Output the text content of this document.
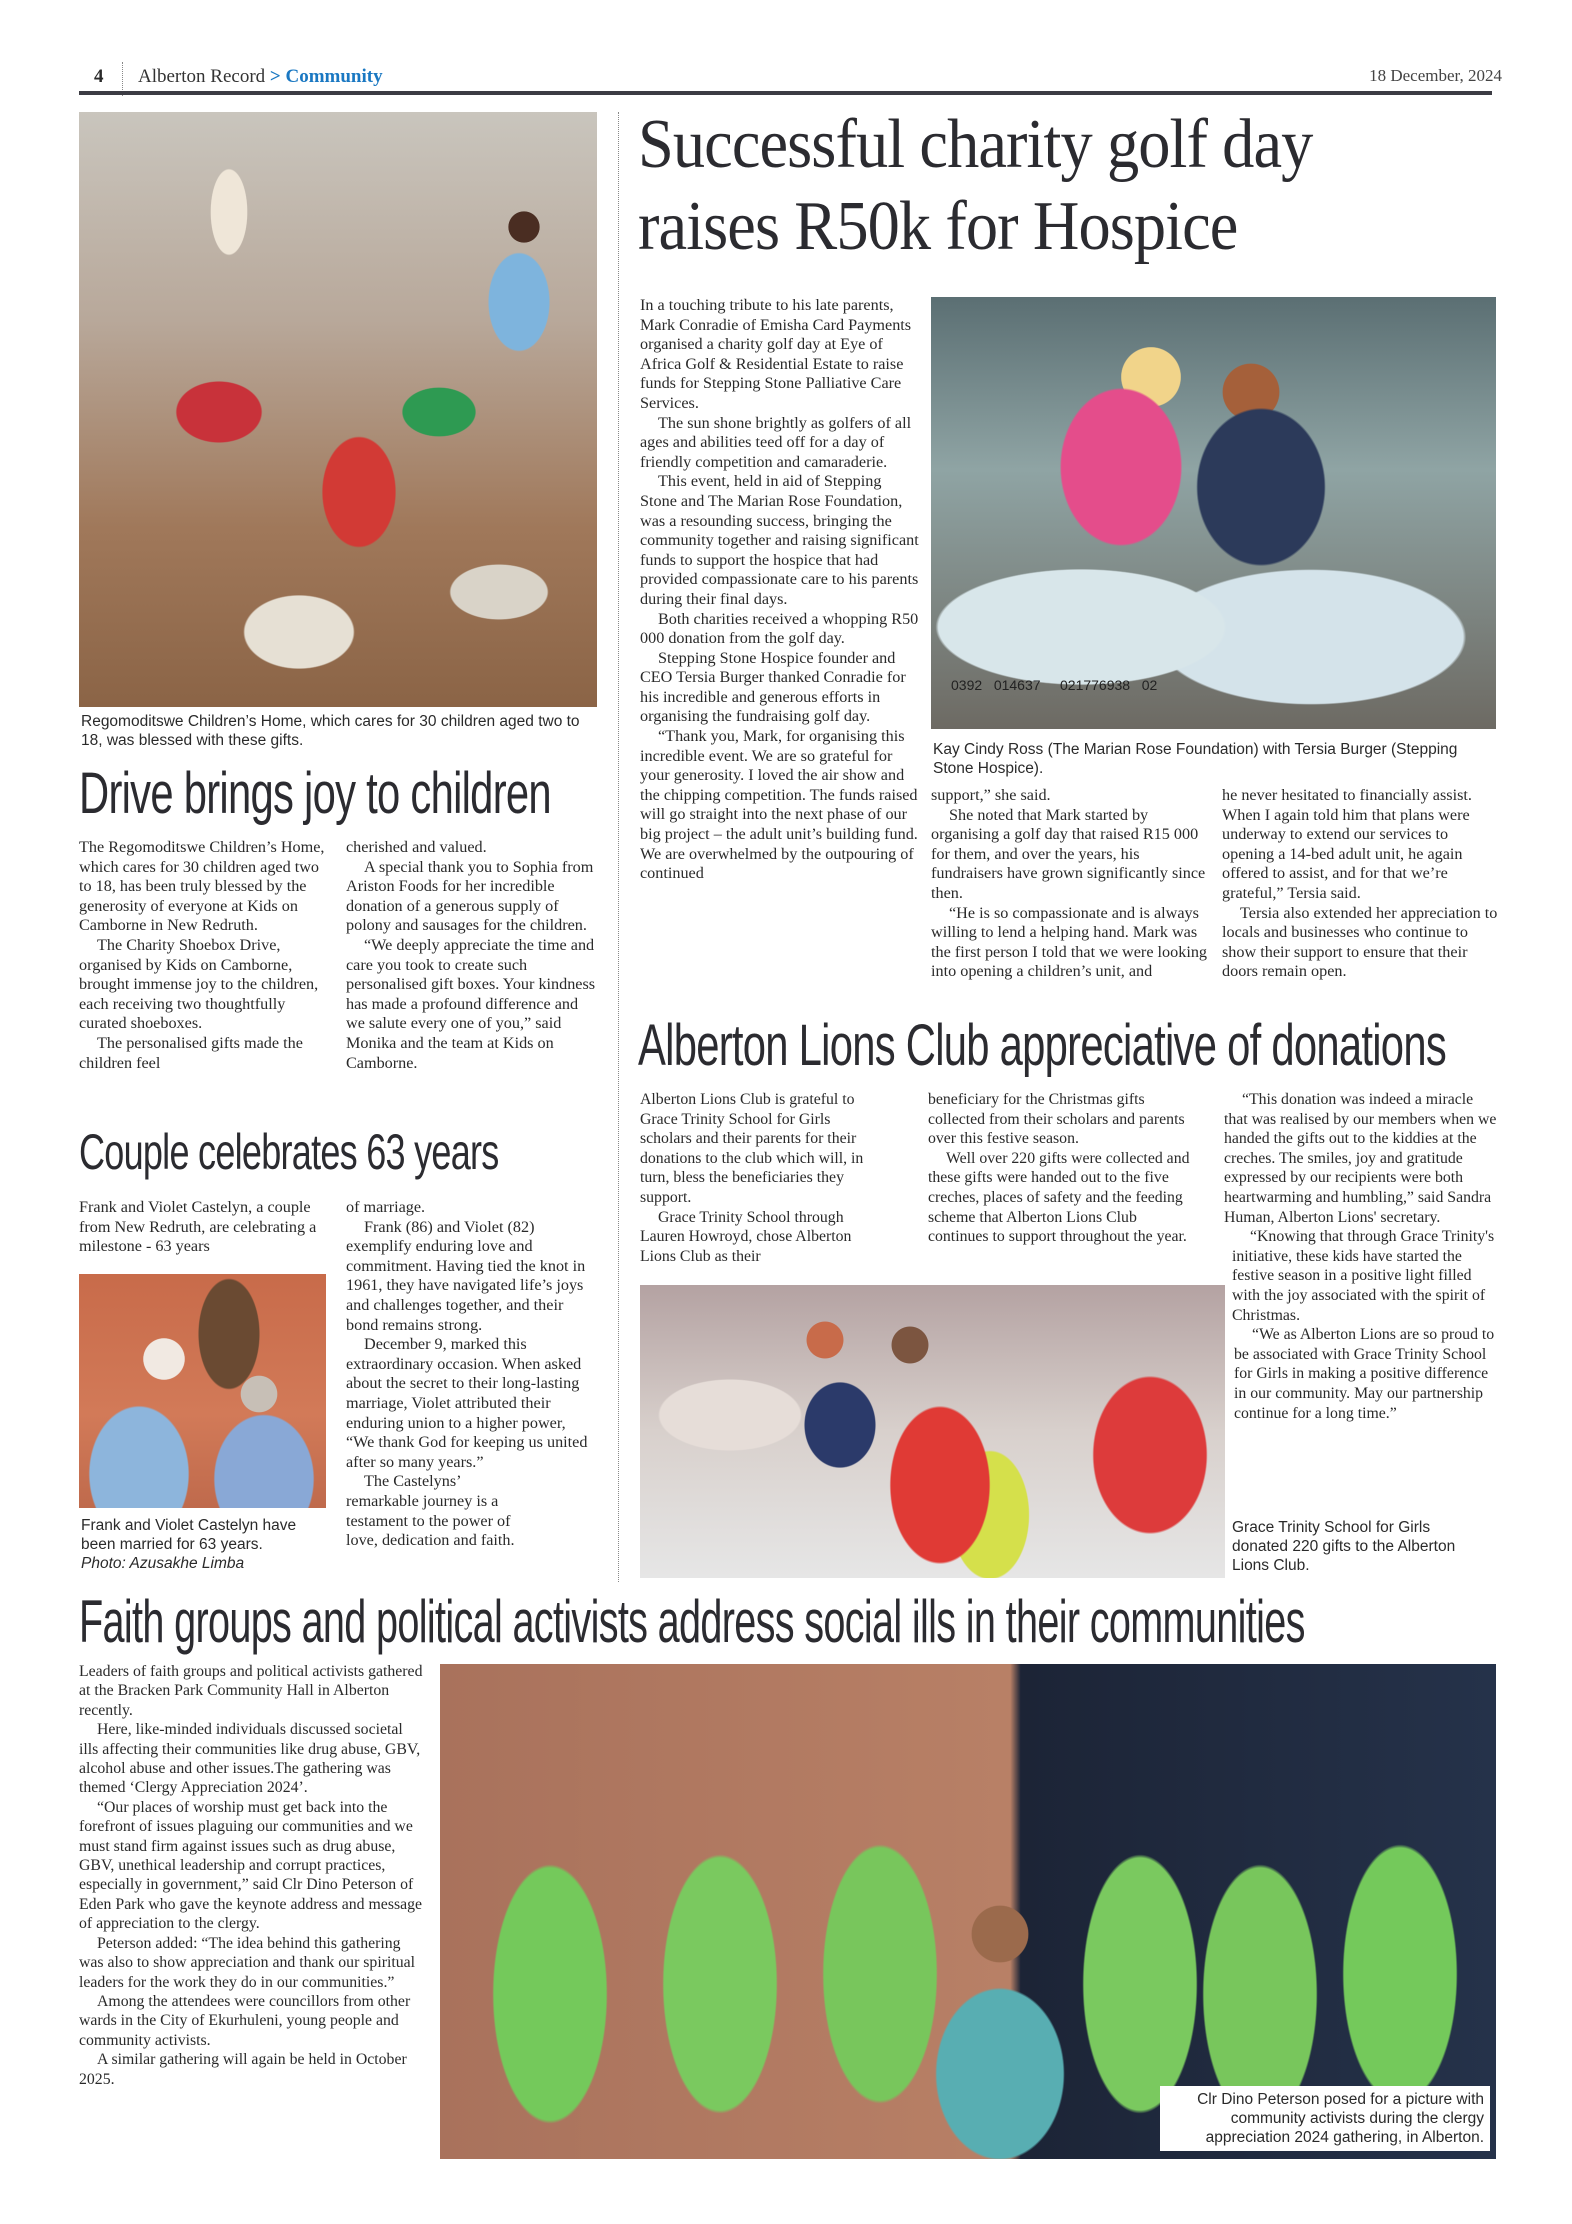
4 Alberton Record > Community	18 December, 2024
Regomoditswe Children’s Home, which cares for 30 children aged two to 18, was blessed with these gifts.
Drive brings joy to children

The Regomoditswe Children’s Home, which cares for 30 children aged two to 18, has been truly blessed by the generosity of everyone at Kids on Camborne in New Redruth.

The Charity Shoebox Drive, organised by Kids on Camborne, brought immense joy to the children, each receiving two thoughtfully curated shoeboxes.

The personalised gifts made the children feel

cherished and valued.

A special thank you to Sophia from Ariston Foods for her incredible donation of a generous supply of polony and sausages for the children.

“We deeply appreciate the time and care you took to create such personalised gift boxes. Your kindness has made a profound difference and we salute every one of you,” said Monika and the team at Kids on Camborne.

Couple celebrates 63 years

Frank and Violet Castelyn, a couple from New Redruth, are celebrating a milestone - 63 years

Frank and Violet Castelyn have been married for 63 years.
Photo: Azusakhe Limba

of marriage.

Frank (86) and Violet (82) exemplify enduring love and commitment. Having tied the knot in 1961, they have navigated life’s joys and challenges together, and their bond remains strong.

December 9, marked this extraordinary occasion. When asked about the secret to their long-lasting marriage, Violet attributed their enduring union to a higher power, “We thank God for keeping us united after so many years.”

The Castelyns’ remarkable journey is a testament to the power of love, dedication and faith.

Successful charity golf day
raises R50k for Hospice

In a touching tribute to his late parents, Mark Conradie of Emisha Card Payments organised a charity golf day at Eye of Africa Golf & Residential Estate to raise funds for Stepping Stone Palliative Care Services.

The sun shone brightly as golfers of all ages and abilities teed off for a day of friendly competition and camaraderie.

This event, held in aid of Stepping Stone and The Marian Rose Foundation, was a resounding success, bringing the community together and raising significant funds to support the hospice that had provided compassionate care to his parents during their final days.

Both charities received a whopping R50 000 donation from the golf day.

Stepping Stone Hospice founder and CEO Tersia Burger thanked Conradie for his incredible and generous efforts in organising the fundraising golf day.

“Thank you, Mark, for organising this incredible event. We are so grateful for your generosity. I loved the air show and the chipping competition. The funds raised will go straight into the next phase of our big project – the adult unit’s building fund. We are overwhelmed by the outpouring of continued

0392 014637 021776938 02
Kay Cindy Ross (The Marian Rose Foundation) with Tersia Burger (Stepping Stone Hospice).

support,” she said.

She noted that Mark started by organising a golf day that raised R15 000 for them, and over the years, his fundraisers have grown significantly since then.

“He is so compassionate and is always willing to lend a helping hand. Mark was the first person I told that we were looking into opening a children’s unit, and

he never hesitated to financially assist. When I again told him that plans were underway to extend our services to opening a 14-bed adult unit, he again offered to assist, and for that we’re grateful,” Tersia said.

Tersia also extended her appreciation to locals and businesses who continue to show their support to ensure that their doors remain open.

Alberton Lions Club appreciative of donations

Alberton Lions Club is grateful to Grace Trinity School for Girls scholars and their parents for their donations to the club which will, in turn, bless the beneficiaries they support.

Grace Trinity School through Lauren Howroyd, chose Alberton Lions Club as their

beneficiary for the Christmas gifts collected from their scholars and parents over this festive season.

Well over 220 gifts were collected and these gifts were handed out to the five creches, places of safety and the feeding scheme that Alberton Lions Club continues to support throughout the year.

“This donation was indeed a miracle that was realised by our members when we handed the gifts out to the kiddies at the creches. The smiles, joy and gratitude expressed by our recipients were both heartwarming and humbling,” said Sandra Human, Alberton Lions' secretary.

“Knowing that through Grace Trinity's initiative, these kids have started the festive season in a positive light filled with the joy associated with the spirit of Christmas.

“We as Alberton Lions are so proud to be associated with Grace Trinity School for Girls in making a positive difference in our community. May our partnership continue for a long time.”

Grace Trinity School for Girls donated 220 gifts to the Alberton Lions Club.
Faith groups and political activists address social ills in their communities

Leaders of faith groups and political activists gathered at the Bracken Park Community Hall in Alberton recently.

Here, like-minded individuals discussed societal ills affecting their communities like drug abuse, GBV, alcohol abuse and other issues.The gathering was themed ‘Clergy Appreciation 2024’.

“Our places of worship must get back into the forefront of issues plaguing our communities and we must stand firm against issues such as drug abuse, GBV, unethical leadership and corrupt practices, especially in government,” said Clr Dino Peterson of Eden Park who gave the keynote address and message of appreciation to the clergy.

Peterson added: “The idea behind this gathering was also to show appreciation and thank our spiritual leaders for the work they do in our communities.”

Among the attendees were councillors from other wards in the City of Ekurhuleni, young people and community activists.

A similar gathering will again be held in October 2025.

Clr Dino Peterson posed for a picture with community activists during the clergy appreciation 2024 gathering, in Alberton.
